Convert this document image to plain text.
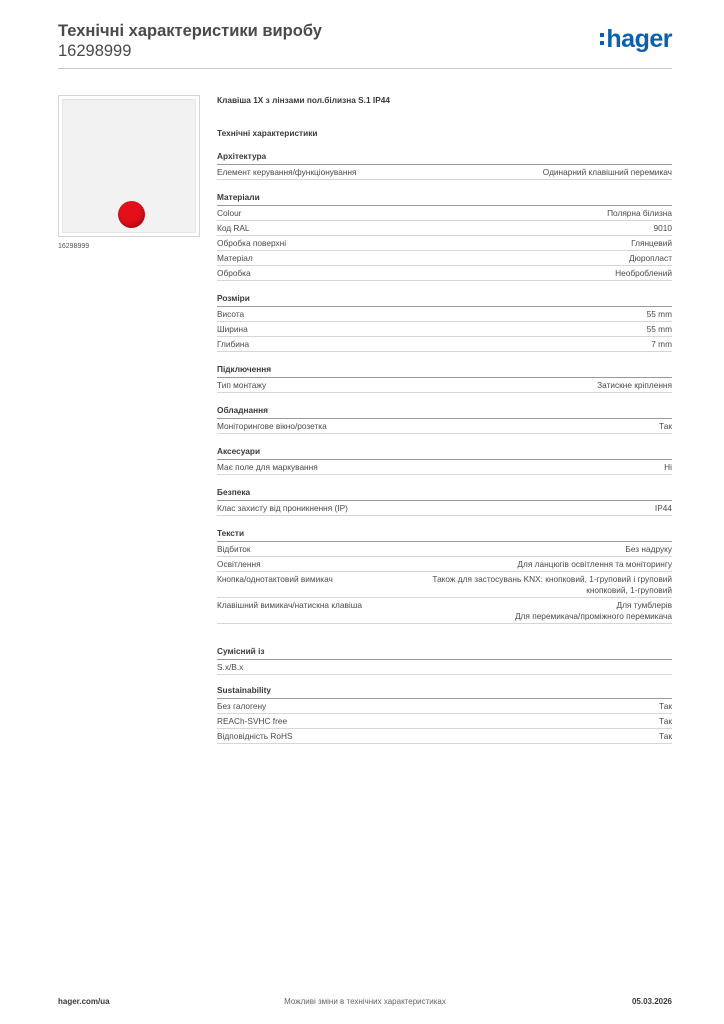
Технічні характеристики виробу
16298999	hager
16298999
Клавіша 1X з лінзами пол.білизна S.1 IP44
Технічні характеристики
Архітектура
Елемент керування/функціонування	Одинарний клавішний перемикач
Матеріали
Colour	Полярна білизна
Код RAL	9010
Обробка поверхні	Глянцевий
Матеріал	Дюропласт
Обробка	Необроблений
Розміри
Висота	55 mm
Ширина	55 mm
Глибина	7 mm
Підключення
Тип монтажу	Затискне кріплення
Обладнання
Моніторингове вікно/розетка	Так
Аксесуари
Має поле для маркування	Ні
Безпека
Клас захисту від проникнення (IP)	IP44
Тексти
Відбиток	Без надруку
Освітлення	Для ланцюгів освітлення та моніторингу
Кнопка/однотактовий вимикач	Також для застосувань KNX: кнопковий, 1-груповий і груповий
кнопковий, 1-груповий
Клавішний вимикач/натискна клавіша	Для тумблерів
Для перемикача/проміжного перемикача
Сумісний із
S.x/B.x
Sustainability
Без галогену	Так
REACh-SVHC free	Так
Відповідність RoHS	Так
hager.com/ua	Можливі зміни в технічних характеристиках	05.03.2026
